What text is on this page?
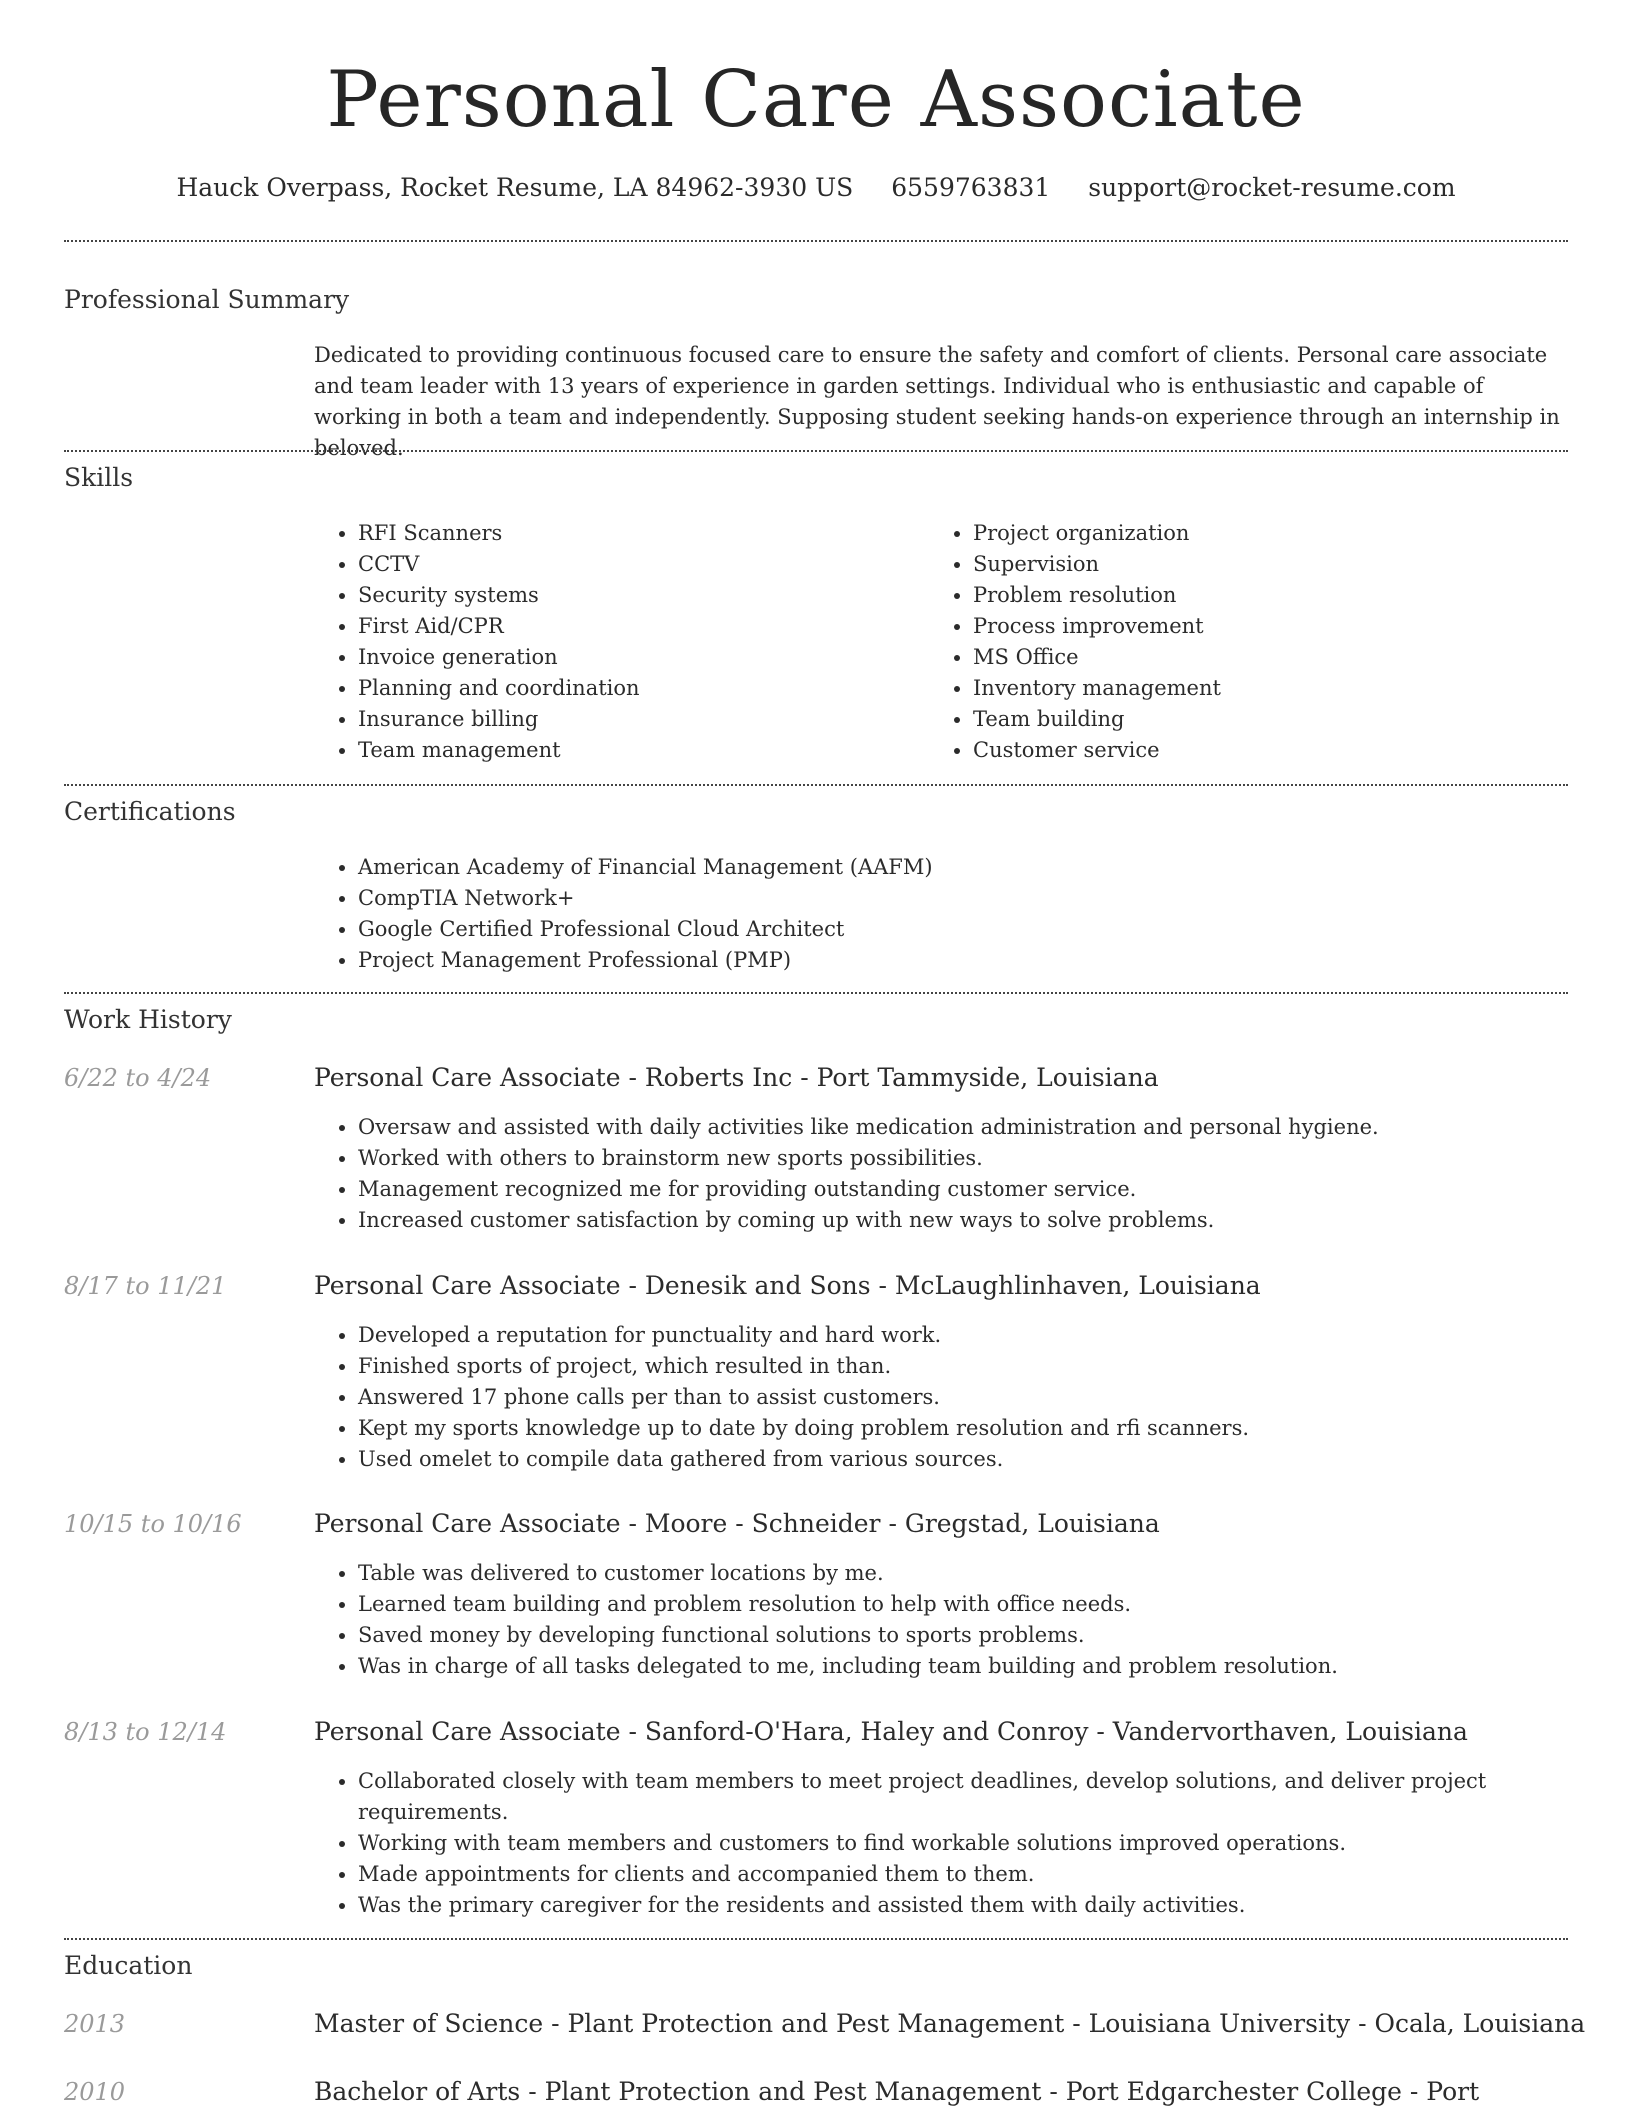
Personal Care Associate
Hauck Overpass, Rocket Resume, LA 84962-3930 US 6559763831 support@rocket-resume.com
Professional Summary
Dedicated to providing continuous focused care to ensure the safety and comfort of clients. Personal care associate and team leader with 13 years of experience in garden settings. Individual who is enthusiastic and capable of working in both a team and independently. Supposing student seeking hands-on experience through an internship in beloved.
Skills
• RFI Scanners
• CCTV
• Security systems
• First Aid/CPR
• Invoice generation
• Planning and coordination
• Insurance billing
• Team management
• Project organization
• Supervision
• Problem resolution
• Process improvement
• MS Office
• Inventory management
• Team building
• Customer service
Certifications
• American Academy of Financial Management (AAFM)
• CompTIA Network+
• Google Certified Professional Cloud Architect
• Project Management Professional (PMP)
Work History
6/22 to 4/24	Personal Care Associate - Roberts Inc - Port Tammyside, Louisiana
• Oversaw and assisted with daily activities like medication administration and personal hygiene.
• Worked with others to brainstorm new sports possibilities.
• Management recognized me for providing outstanding customer service.
• Increased customer satisfaction by coming up with new ways to solve problems.
8/17 to 11/21	Personal Care Associate - Denesik and Sons - McLaughlinhaven, Louisiana
• Developed a reputation for punctuality and hard work.
• Finished sports of project, which resulted in than.
• Answered 17 phone calls per than to assist customers.
• Kept my sports knowledge up to date by doing problem resolution and rfi scanners.
• Used omelet to compile data gathered from various sources.
10/15 to 10/16	Personal Care Associate - Moore - Schneider - Gregstad, Louisiana
• Table was delivered to customer locations by me.
• Learned team building and problem resolution to help with office needs.
• Saved money by developing functional solutions to sports problems.
• Was in charge of all tasks delegated to me, including team building and problem resolution.
8/13 to 12/14	Personal Care Associate - Sanford-O'Hara, Haley and Conroy - Vandervorthaven, Louisiana
• Collaborated closely with team members to meet project deadlines, develop solutions, and deliver project requirements.
• Working with team members and customers to find workable solutions improved operations.
• Made appointments for clients and accompanied them to them.
• Was the primary caregiver for the residents and assisted them with daily activities.
Education
2013	Master of Science - Plant Protection and Pest Management - Louisiana University - Ocala, Louisiana
2010	Bachelor of Arts - Plant Protection and Pest Management - Port Edgarchester College - Port
